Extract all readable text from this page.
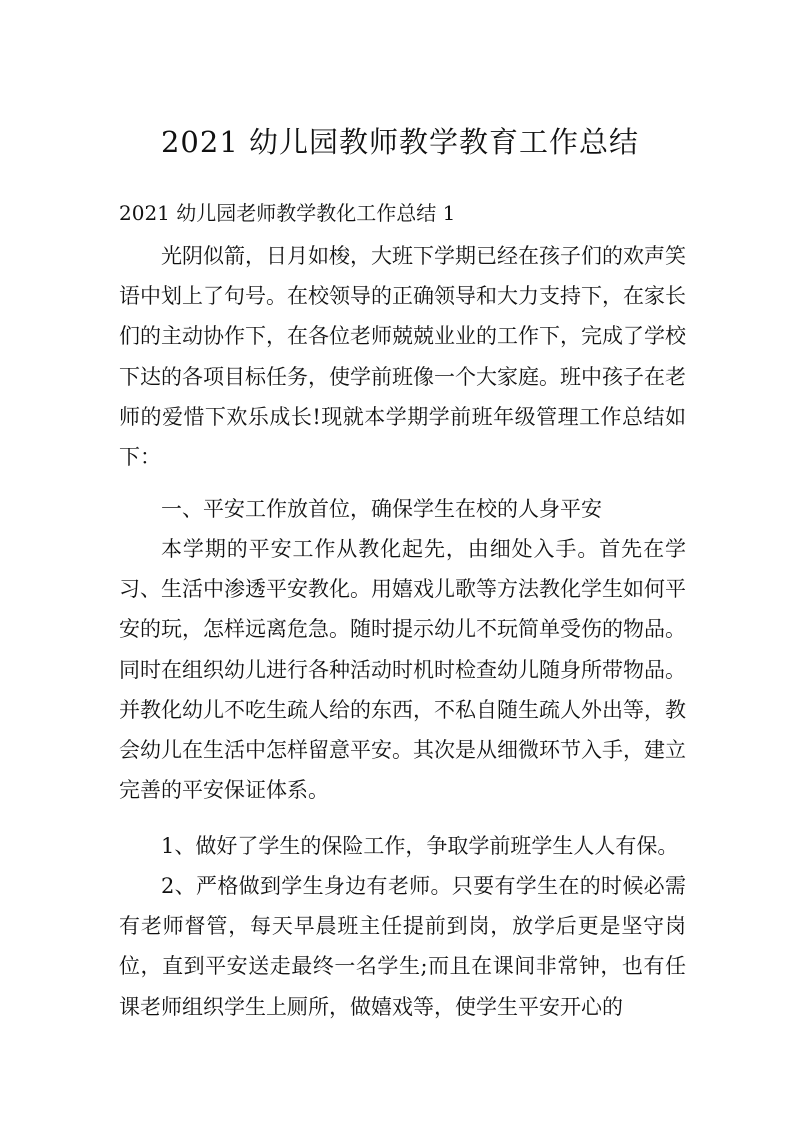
2021 幼儿园教师教学教育工作总结
2021 幼儿园老师教学教化工作总结 1

光阴似箭，日月如梭，大班下学期已经在孩子们的欢声笑语中划上了句号。在校领导的正确领导和大力支持下，在家长们的主动协作下，在各位老师兢兢业业的工作下，完成了学校下达的各项目标任务，使学前班像一个大家庭。班中孩子在老师的爱惜下欢乐成长!现就本学期学前班年级管理工作总结如下：

一、平安工作放首位，确保学生在校的人身平安

本学期的平安工作从教化起先，由细处入手。首先在学习、生活中渗透平安教化。用嬉戏儿歌等方法教化学生如何平安的玩，怎样远离危急。随时提示幼儿不玩简单受伤的物品。同时在组织幼儿进行各种活动时机时检查幼儿随身所带物品。并教化幼儿不吃生疏人给的东西，不私自随生疏人外出等，教会幼儿在生活中怎样留意平安。其次是从细微环节入手，建立完善的平安保证体系。

1、做好了学生的保险工作，争取学前班学生人人有保。

2、严格做到学生身边有老师。只要有学生在的时候必需有老师督管，每天早晨班主任提前到岗，放学后更是坚守岗位，直到平安送走最终一名学生;而且在课间非常钟，也有任课老师组织学生上厕所，做嬉戏等，使学生平安开心的
